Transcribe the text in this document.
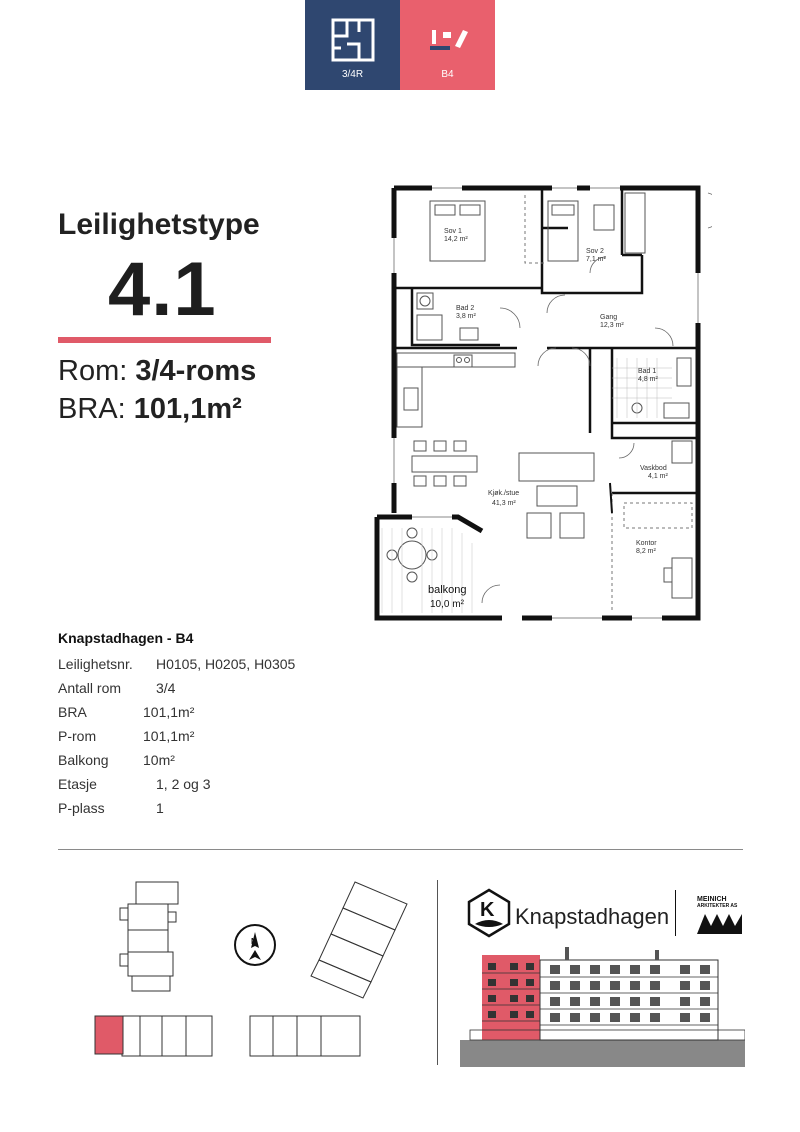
3/4R	B4
Leilighetstype
4.1
Rom: 3/4-roms
BRA: 101,1m²
Sov 1
14,2 m²
Sov 2
7,1 m²
Bad 2
3,8 m²	Gang
12,3 m²
Bad 1
4,8 m²
Vaskbod
4,1 m²
Kjøk./stue
41,3 m²
Kontor
8,2 m²
balkong
10,0 m²
Knapstadhagen - B4
Leilighetsnr. H0105, H0205, H0305
Antall rom 3/4
BRA	101,1m²
P-rom	101,1m²
Balkong 10m²
Etasje	1, 2 og 3
P-plass	1
N
K Knapstadhagen
MEINICH
ARKITEKTER AS
